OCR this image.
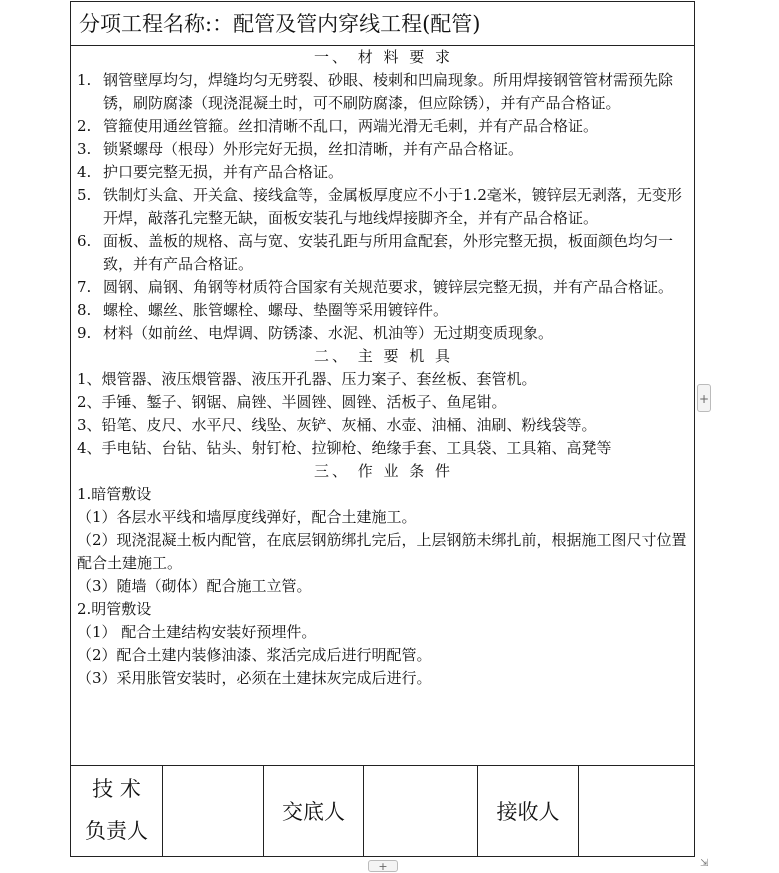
分项工程名称:：配管及管内穿线工程(配管)
一、 材 料 要 求
1. 钢管壁厚均匀，焊缝均匀无劈裂、砂眼、棱刺和凹扁现象。所用焊接钢管管材需预先除锈，刷防腐漆（现浇混凝土时，可不刷防腐漆，但应除锈），并有产品合格证。
2. 管箍使用通丝管箍。丝扣清晰不乱口，两端光滑无毛刺，并有产品合格证。
3. 锁紧螺母（根母）外形完好无损，丝扣清晰，并有产品合格证。
4. 护口要完整无损，并有产品合格证。
5. 铁制灯头盒、开关盒、接线盒等，金属板厚度应不小于1.2毫米，镀锌层无剥落，无变形开焊，敲落孔完整无缺，面板安装孔与地线焊接脚齐全，并有产品合格证。
6. 面板、盖板的规格、高与宽、安装孔距与所用盒配套，外形完整无损，板面颜色均匀一致，并有产品合格证。
7. 圆钢、扁钢、角钢等材质符合国家有关规范要求，镀锌层完整无损，并有产品合格证。
8. 螺栓、螺丝、胀管螺栓、螺母、垫圈等采用镀锌件。
9. 材料（如前丝、电焊调、防锈漆、水泥、机油等）无过期变质现象。
二、 主 要 机 具
1、煨管器、液压煨管器、液压开孔器、压力案子、套丝板、套管机。
2、手锤、錾子、钢锯、扁锉、半圆锉、圆锉、活板子、鱼尾钳。
3、铅笔、皮尺、水平尺、线坠、灰铲、灰桶、水壶、油桶、油刷、粉线袋等。
4、手电钻、台钻、钻头、射钉枪、拉铆枪、绝缘手套、工具袋、工具箱、高凳等
三、 作 业 条 件
1.暗管敷设
（1）各层水平线和墙厚度线弹好，配合土建施工。
（2）现浇混凝土板内配管，在底层钢筋绑扎完后，上层钢筋未绑扎前，根据施工图尺寸位置配合土建施工。
（3）随墙（砌体）配合施工立管。
2.明管敷设
（1） 配合土建结构安装好预埋件。
（2）配合土建内装修油漆、浆活完成后进行明配管。
（3）采用胀管安装时，必须在土建抹灰完成后进行。
技 术
负责人
交底人	接收人
+
+	⇲
